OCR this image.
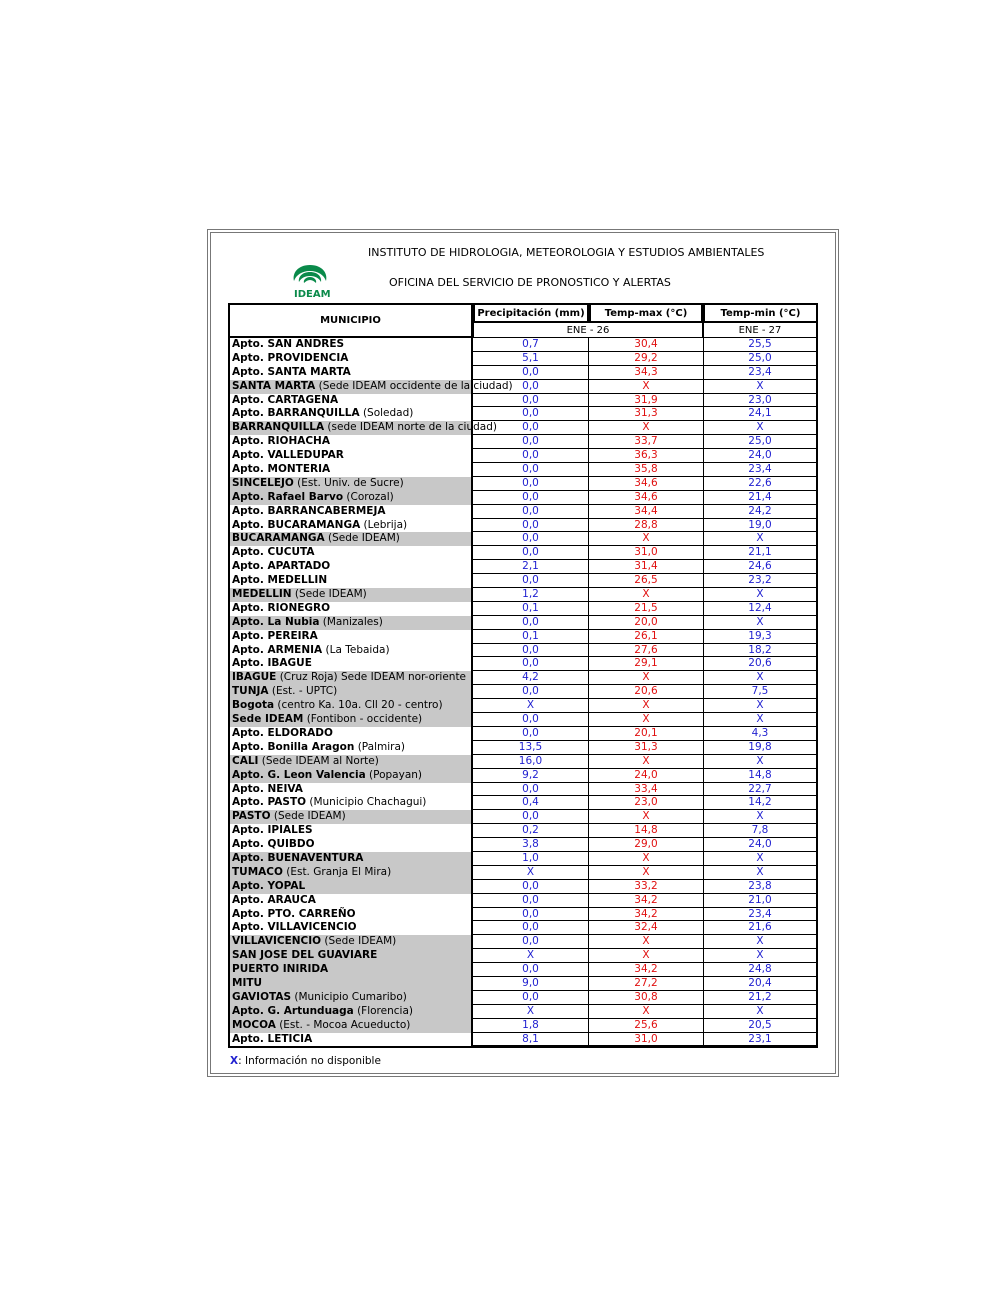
IDEAM
INSTITUTO DE HIDROLOGIA, METEOROLOGIA Y ESTUDIOS AMBIENTALES
OFICINA DEL SERVICIO DE PRONOSTICO Y ALERTAS
MUNICIPIO
Precipitación (mm)	Temp-max (°C)	Temp-min (°C)
ENE - 26	ENE - 27
Apto. SAN ANDRES	0,7	30,4	25,5
Apto. PROVIDENCIA	5,1	29,2	25,0
Apto. SANTA MARTA	0,0	34,3	23,4
SANTA MARTA (Sede IDEAM occidente de la ciudad) 0,0	X	X
Apto. CARTAGENA	0,0	31,9	23,0
Apto. BARRANQUILLA (Soledad)	0,0	31,3	24,1
BARRANQUILLA (sede IDEAM norte de la ciudad)	0,0	X	X
Apto. RIOHACHA	0,0	33,7	25,0
Apto. VALLEDUPAR	0,0	36,3	24,0
Apto. MONTERIA	0,0	35,8	23,4
SINCELEJO (Est. Univ. de Sucre)	0,0	34,6	22,6
Apto. Rafael Barvo (Corozal)	0,0	34,6	21,4
Apto. BARRANCABERMEJA	0,0	34,4	24,2
Apto. BUCARAMANGA (Lebrija)	0,0	28,8	19,0
BUCARAMANGA (Sede IDEAM)	0,0	X	X
Apto. CUCUTA	0,0	31,0	21,1
Apto. APARTADO	2,1	31,4	24,6
Apto. MEDELLIN	0,0	26,5	23,2
MEDELLIN (Sede IDEAM)	1,2	X	X
Apto. RIONEGRO	0,1	21,5	12,4
Apto. La Nubia (Manizales)	0,0	20,0	X
Apto. PEREIRA	0,1	26,1	19,3
Apto. ARMENIA (La Tebaida)	0,0	27,6	18,2
Apto. IBAGUE	0,0	29,1	20,6
IBAGUE (Cruz Roja) Sede IDEAM nor-oriente	4,2	X	X
TUNJA (Est. - UPTC)	0,0	20,6	7,5
Bogota (centro Ka. 10a. Cll 20 - centro)	X	X	X
Sede IDEAM (Fontibon - occidente)	0,0	X	X
Apto. ELDORADO	0,0	20,1	4,3
Apto. Bonilla Aragon (Palmira)	13,5	31,3	19,8
CALI (Sede IDEAM al Norte)	16,0	X	X
Apto. G. Leon Valencia (Popayan)	9,2	24,0	14,8
Apto. NEIVA	0,0	33,4	22,7
Apto. PASTO (Municipio Chachagui)	0,4	23,0	14,2
PASTO (Sede IDEAM)	0,0	X	X
Apto. IPIALES	0,2	14,8	7,8
Apto. QUIBDO	3,8	29,0	24,0
Apto. BUENAVENTURA	1,0	X	X
TUMACO (Est. Granja El Mira)	X	X	X
Apto. YOPAL	0,0	33,2	23,8
Apto. ARAUCA	0,0	34,2	21,0
Apto. PTO. CARREÑO	0,0	34,2	23,4
Apto. VILLAVICENCIO	0,0	32,4	21,6
VILLAVICENCIO (Sede IDEAM)	0,0	X	X
SAN JOSE DEL GUAVIARE	X	X	X
PUERTO INIRIDA	0,0	34,2	24,8
MITU	9,0	27,2	20,4
GAVIOTAS (Municipio Cumaribo)	0,0	30,8	21,2
Apto. G. Artunduaga (Florencia)	X	X	X
MOCOA (Est. - Mocoa Acueducto)	1,8	25,6	20,5
Apto. LETICIA	8,1	31,0	23,1
X: Información no disponible
